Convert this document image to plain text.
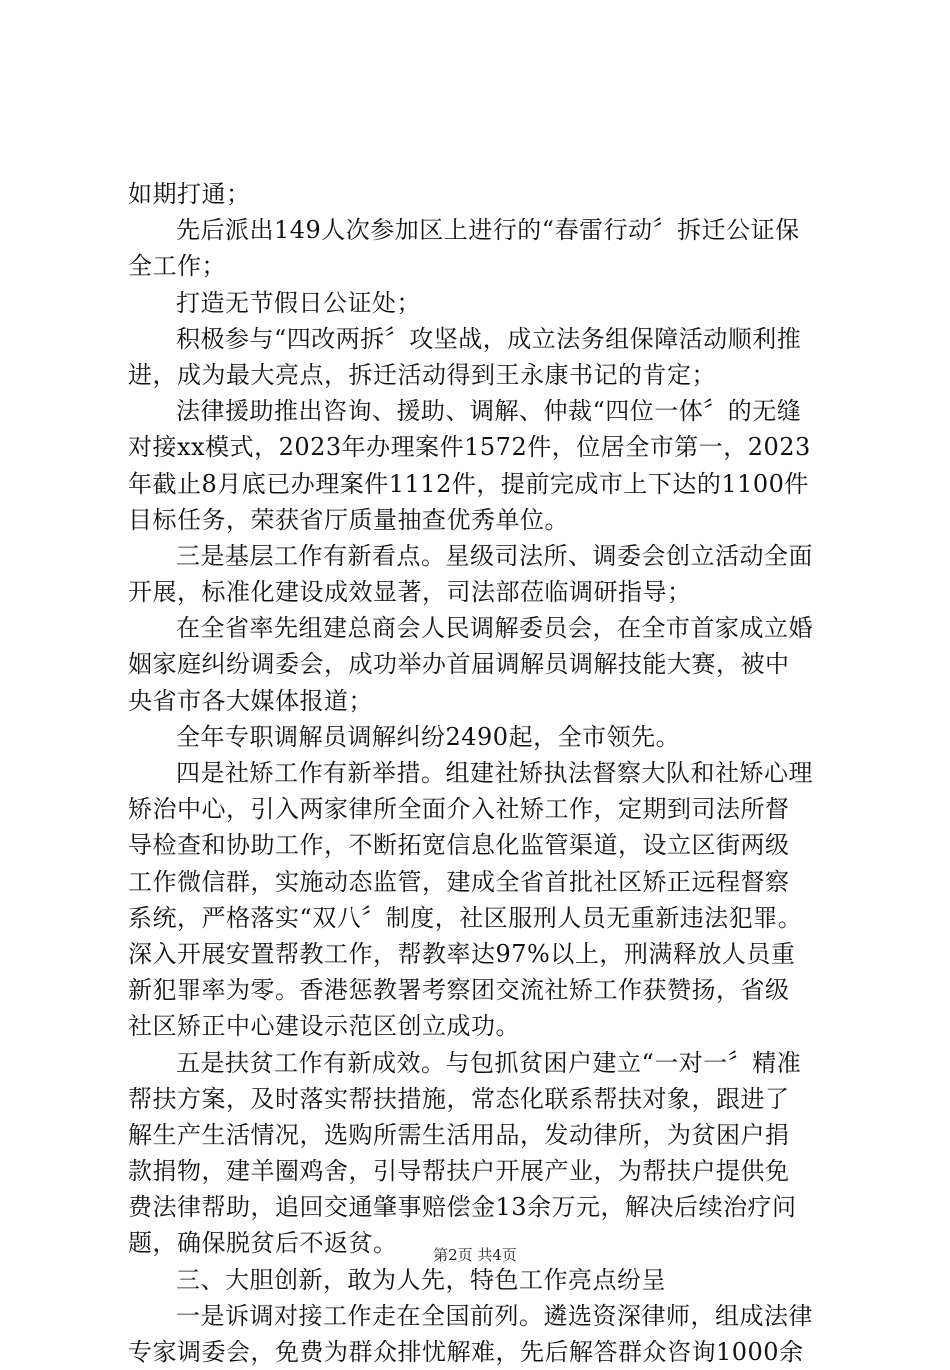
如期打通；
先后派出149人次参加区上进行的“春雷行动〞拆迁公证保
全工作；
打造无节假日公证处；
积极参与“四改两拆〞攻坚战，成立法务组保障活动顺利推
进，成为最大亮点，拆迁活动得到王永康书记的肯定；
法律援助推出咨询、援助、调解、仲裁“四位一体〞的无缝
对接xx模式，2023年办理案件1572件，位居全市第一，2023
年截止8月底已办理案件1112件，提前完成市上下达的1100件
目标任务，荣获省厅质量抽查优秀单位。
三是基层工作有新看点。星级司法所、调委会创立活动全面
开展，标准化建设成效显著，司法部莅临调研指导；
在全省率先组建总商会人民调解委员会，在全市首家成立婚
姻家庭纠纷调委会，成功举办首届调解员调解技能大赛，被中
央省市各大媒体报道；
全年专职调解员调解纠纷2490起，全市领先。
四是社矫工作有新举措。组建社矫执法督察大队和社矫心理
矫治中心，引入两家律所全面介入社矫工作，定期到司法所督
导检查和协助工作，不断拓宽信息化监管渠道，设立区街两级
工作微信群，实施动态监管，建成全省首批社区矫正远程督察
系统，严格落实“双八〞制度，社区服刑人员无重新违法犯罪。
深入开展安置帮教工作，帮教率达97%以上，刑满释放人员重
新犯罪率为零。香港惩教署考察团交流社矫工作获赞扬，省级
社区矫正中心建设示范区创立成功。
五是扶贫工作有新成效。与包抓贫困户建立“一对一〞精准
帮扶方案，及时落实帮扶措施，常态化联系帮扶对象，跟进了
解生产生活情况，选购所需生活用品，发动律所，为贫困户捐
款捐物，建羊圈鸡舍，引导帮扶户开展产业，为帮扶户提供免
费法律帮助，追回交通肇事赔偿金13余万元，解决后续治疗问
题，确保脱贫后不返贫。
三、大胆创新，敢为人先，特色工作亮点纷呈
一是诉调对接工作走在全国前列。遴选资深律师，组成法律
专家调委会，免费为群众排忧解难，先后解答群众咨询1000余
第2页 共4页
